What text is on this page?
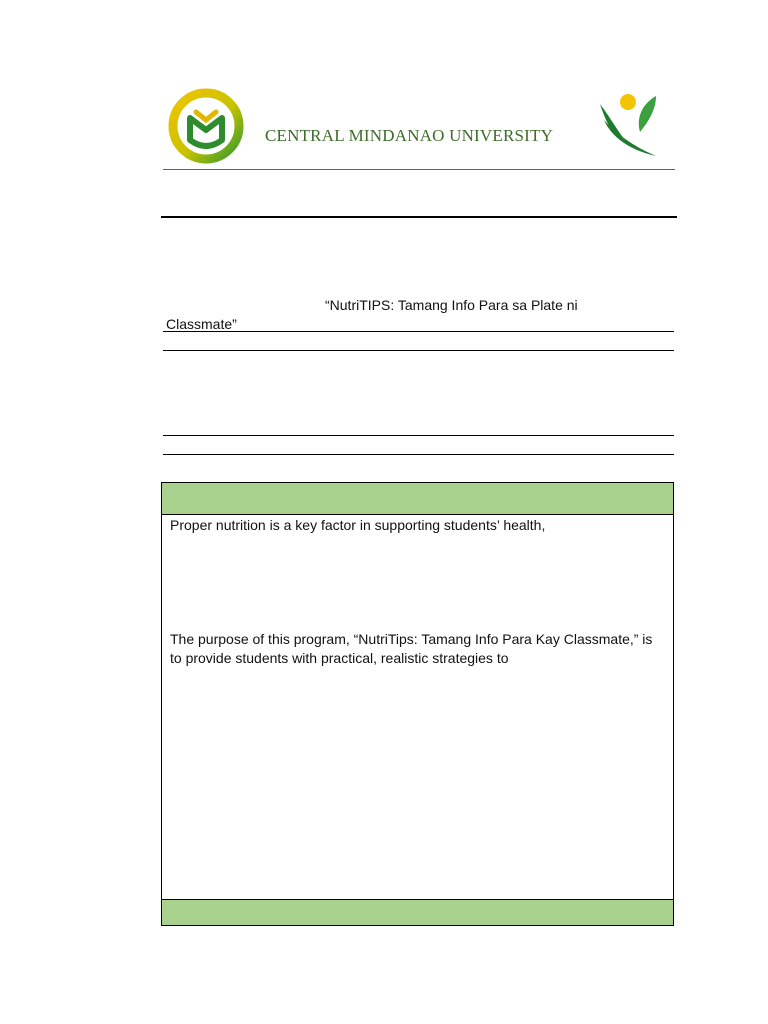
CENTRAL MINDANAO UNIVERSITY
“NutriTIPS: Tamang Info Para sa Plate ni
Classmate”
Proper nutrition is a key factor in supporting students’ health,
The purpose of this program, “NutriTips: Tamang Info Para Kay Classmate,” is to provide students with practical, realistic strategies to
